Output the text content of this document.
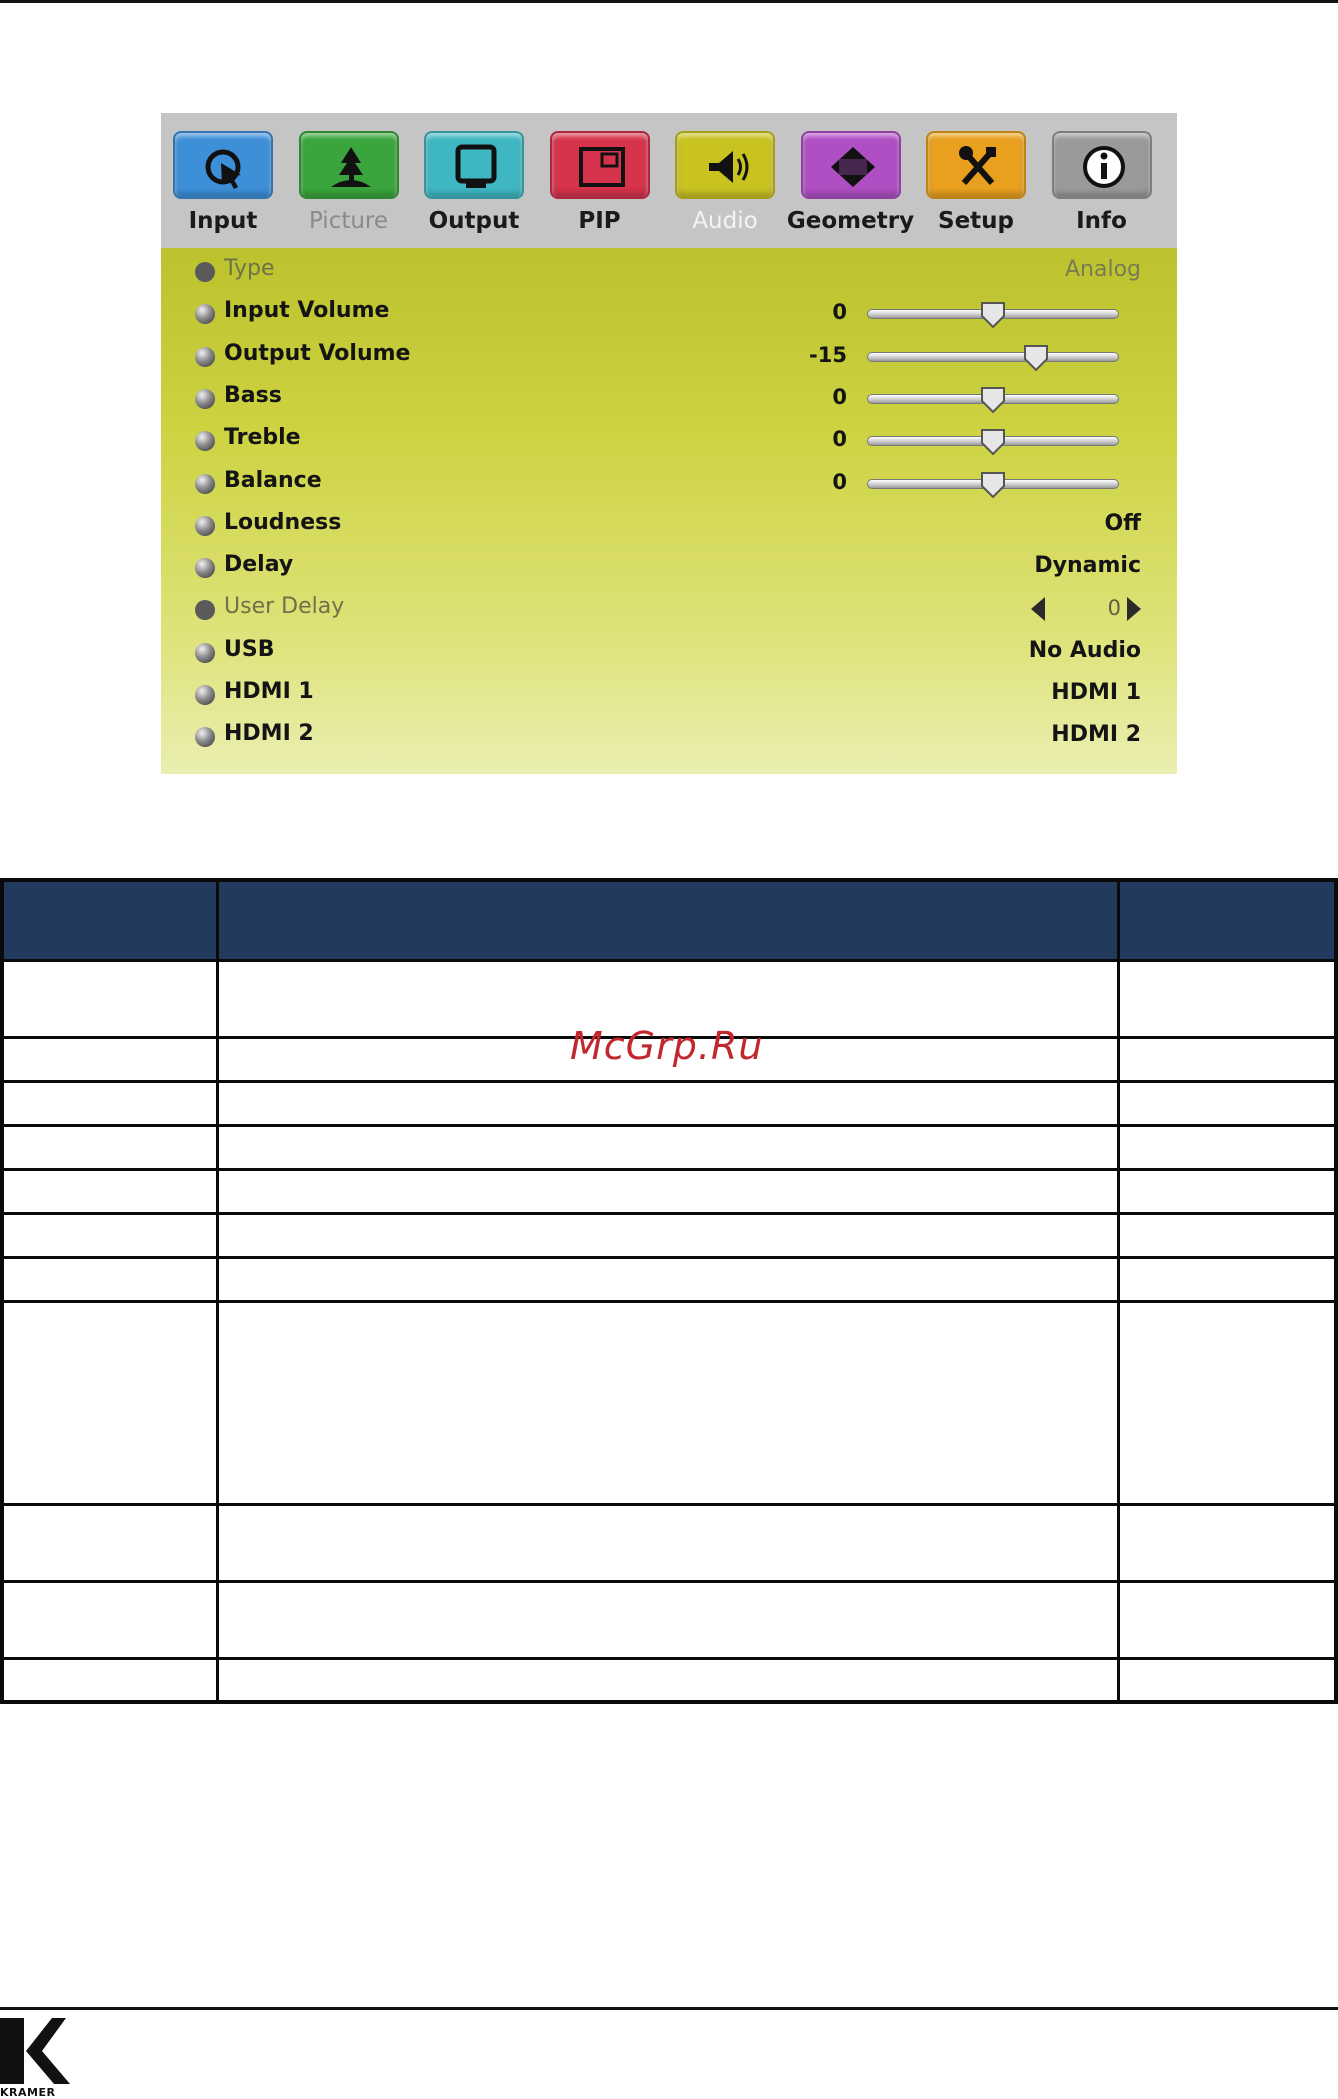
Input	Picture	Output	PIP	Audio	Geometry	Setup	Info
Type	Analog
Input Volume	0
Output Volume	-15
Bass	0
Treble	0
Balance	0
Loudness	Off
Delay	Dynamic
User Delay	0
USB	No Audio
HDMI 1	HDMI 1
HDMI 2	HDMI 2

McGrp.Ru
KRAMER
